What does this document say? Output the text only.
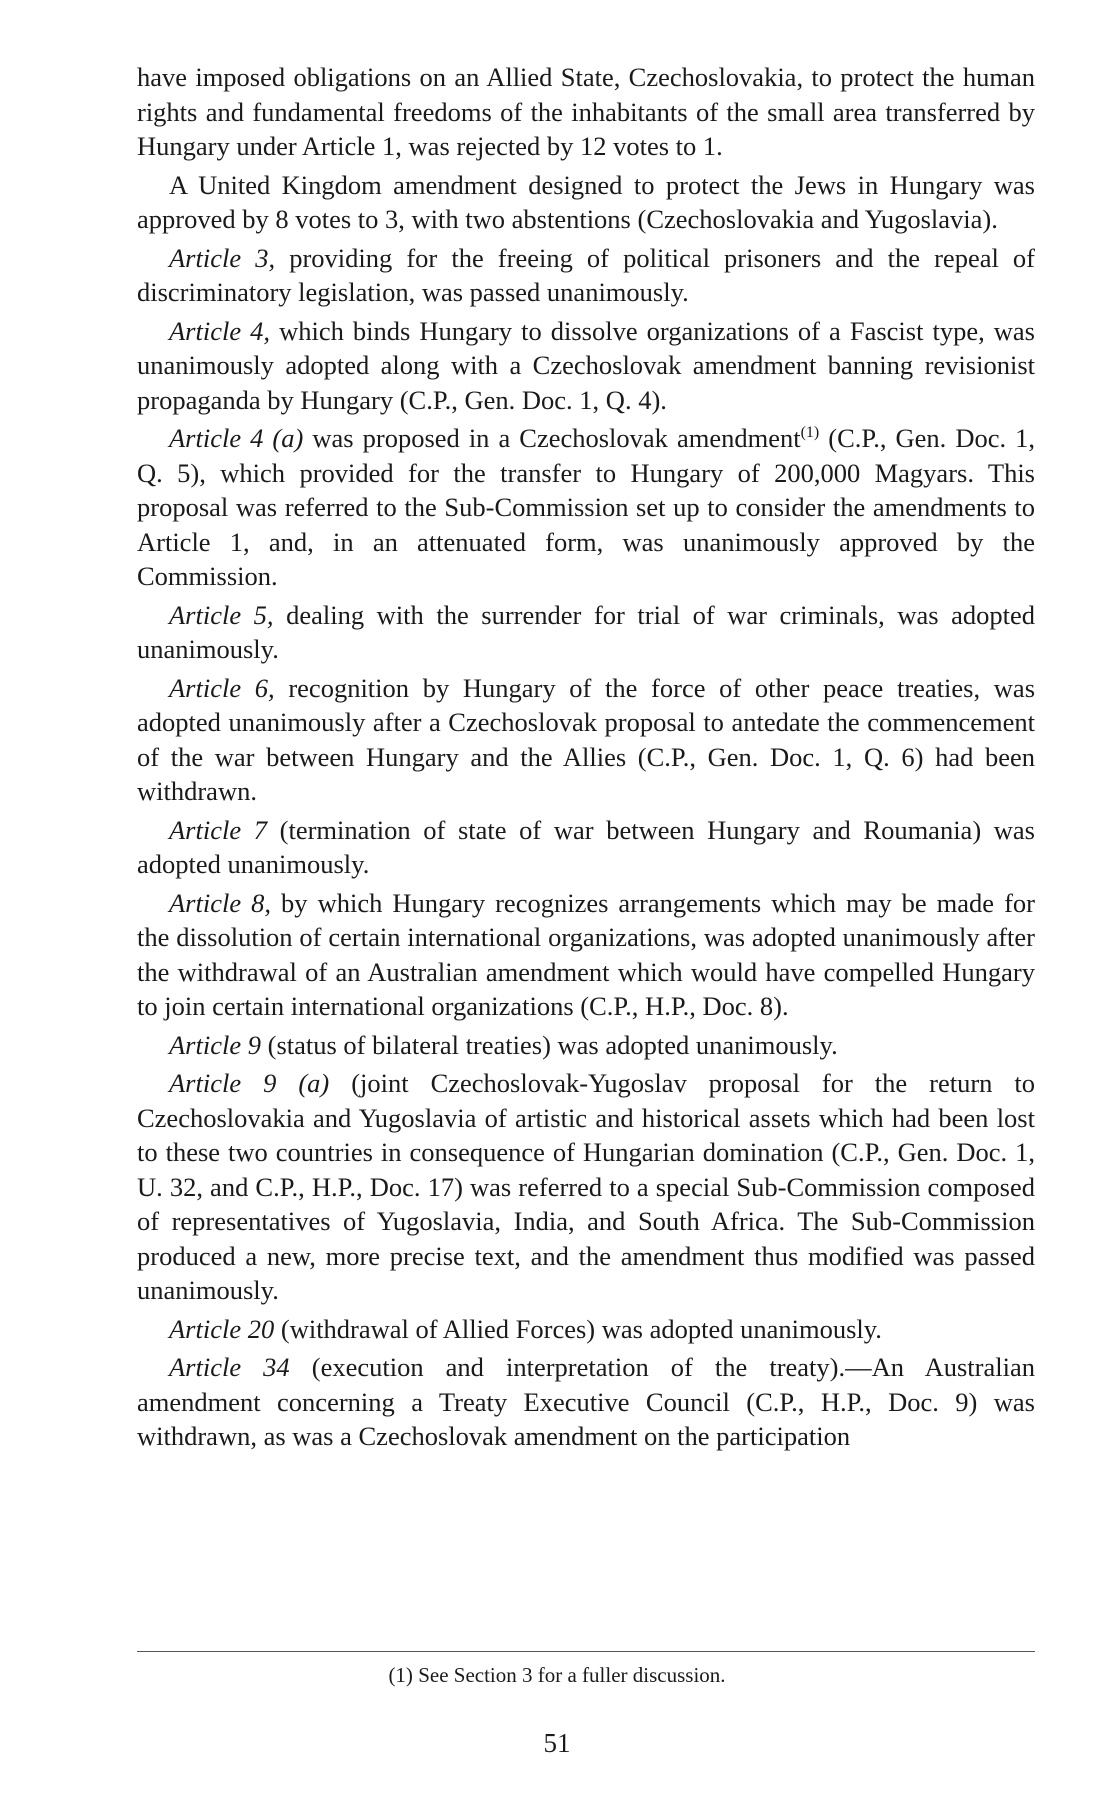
have imposed obligations on an Allied State, Czechoslovakia, to protect the human rights and fundamental freedoms of the inhabitants of the small area transferred by Hungary under Article 1, was rejected by 12 votes to 1.

A United Kingdom amendment designed to protect the Jews in Hungary was approved by 8 votes to 3, with two abstentions (Czechoslovakia and Yugoslavia).

Article 3, providing for the freeing of political prisoners and the repeal of discriminatory legislation, was passed unanimously.

Article 4, which binds Hungary to dissolve organizations of a Fascist type, was unanimously adopted along with a Czechoslovak amendment banning revisionist propaganda by Hungary (C.P., Gen. Doc. 1, Q. 4).

Article 4 (a) was proposed in a Czechoslovak amendment$^{(1)}$ (C.P., Gen. Doc. 1, Q. 5), which provided for the transfer to Hungary of 200,000 Magyars. This proposal was referred to the Sub-Commission set up to consider the amendments to Article 1, and, in an attenuated form, was unanimously approved by the Commission.

Article 5, dealing with the surrender for trial of war criminals, was adopted unanimously.

Article 6, recognition by Hungary of the force of other peace treaties, was adopted unanimously after a Czechoslovak proposal to antedate the commencement of the war between Hungary and the Allies (C.P., Gen. Doc. 1, Q. 6) had been withdrawn.

Article 7 (termination of state of war between Hungary and Roumania) was adopted unanimously.

Article 8, by which Hungary recognizes arrangements which may be made for the dissolution of certain international organizations, was adopted unanimously after the withdrawal of an Australian amendment which would have compelled Hungary to join certain international organizations (C.P., H.P., Doc. 8).

Article 9 (status of bilateral treaties) was adopted unanimously.

Article 9 (a) (joint Czechoslovak-Yugoslav proposal for the return to Czechoslovakia and Yugoslavia of artistic and historical assets which had been lost to these two countries in consequence of Hungarian domination (C.P., Gen. Doc. 1, U. 32, and C.P., H.P., Doc. 17) was referred to a special Sub-Commission composed of representatives of Yugoslavia, India, and South Africa. The Sub-Commission produced a new, more precise text, and the amendment thus modified was passed unanimously.

Article 20 (withdrawal of Allied Forces) was adopted unanimously.

Article 34 (execution and interpretation of the treaty).—An Australian amendment concerning a Treaty Executive Council (C.P., H.P., Doc. 9) was withdrawn, as was a Czechoslovak amendment on the participation

(1) See Section 3 for a fuller discussion.
51
